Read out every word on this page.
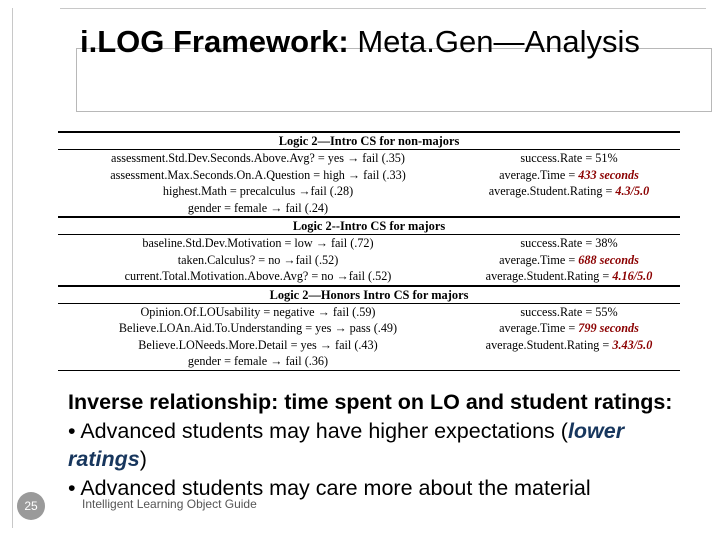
i.LOG Framework: Meta.Gen—Analysis
Logic 2—Intro CS for non-majors
assessment.Std.Dev.Seconds.Above.Avg? = yes → fail (.35)	success.Rate = 51%
assessment.Max.Seconds.On.A.Question = high → fail (.33)	average.Time = 433 seconds
highest.Math = precalculus →fail (.28)	average.Student.Rating = 4.3/5.0
gender = female → fail (.24)
Logic 2--Intro CS for majors
baseline.Std.Dev.Motivation = low → fail (.72)	success.Rate = 38%
taken.Calculus? = no →fail (.52)	average.Time = 688 seconds
current.Total.Motivation.Above.Avg? = no →fail (.52)	average.Student.Rating = 4.16/5.0
Logic 2—Honors Intro CS for majors
Opinion.Of.LOUsability = negative → fail (.59)	success.Rate = 55%
Believe.LOAn.Aid.To.Understanding = yes → pass (.49)	average.Time = 799 seconds
Believe.LONeeds.More.Detail = yes → fail (.43)	average.Student.Rating = 3.43/5.0
gender = female → fail (.36)
Inverse relationship: time spent on LO and student ratings:
• Advanced students may have higher expectations (lower ratings)
• Advanced students may care more about the material
25	Intelligent Learning Object Guide
